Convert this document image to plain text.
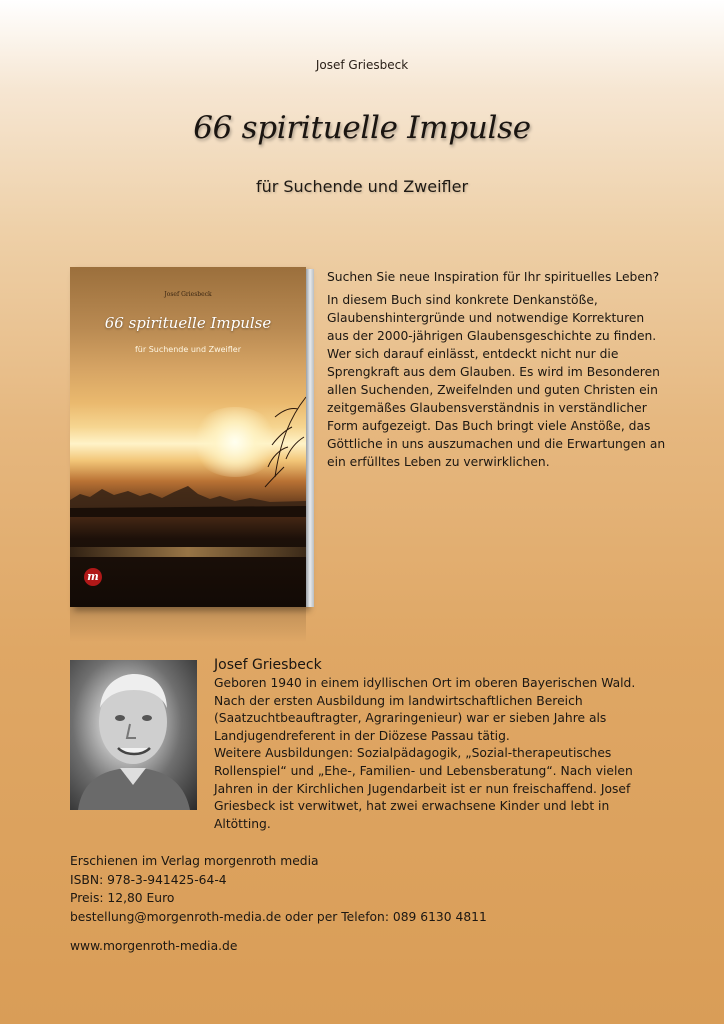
Josef Griesbeck
66 spirituelle Impulse
für Suchende und Zweifler
Josef Griesbeck
66 spirituelle Impulse
für Suchende und Zweifler
m

Suchen Sie neue Inspiration für Ihr spirituelles Leben?

In diesem Buch sind konkrete Denkanstöße, Glaubenshintergründe und notwendige Korrekturen aus der 2000-jährigen Glaubensgeschichte zu finden. Wer sich darauf einlässt, entdeckt nicht nur die Sprengkraft aus dem Glauben. Es wird im Besonderen allen Suchenden, Zweifelnden und guten Christen ein zeitgemäßes Glaubensverständnis in verständlicher Form aufgezeigt. Das Buch bringt viele Anstöße, das Göttliche in uns auszumachen und die Erwartungen an ein erfülltes Leben zu verwirklichen.

Josef Griesbeck

Geboren 1940 in einem idyllischen Ort im oberen Bayerischen Wald. Nach der ersten Ausbildung im landwirtschaftlichen Bereich (Saatzuchtbeauftragter, Agraringenieur) war er sieben Jahre als Landjugendreferent in der Diözese Passau tätig.

Weitere Ausbildungen: Sozialpädagogik, „Sozial-therapeutisches Rollenspiel“ und „Ehe-, Familien- und Lebensberatung“. Nach vielen Jahren in der Kirchlichen Jugendarbeit ist er nun freischaffend. Josef Griesbeck ist verwitwet, hat zwei erwachsene Kinder und lebt in Altötting.

Erschienen im Verlag morgenroth media
ISBN: 978-3-941425-64-4
Preis: 12,80 Euro
bestellung@morgenroth-media.de oder per Telefon: 089 6130 4811
www.morgenroth-media.de
